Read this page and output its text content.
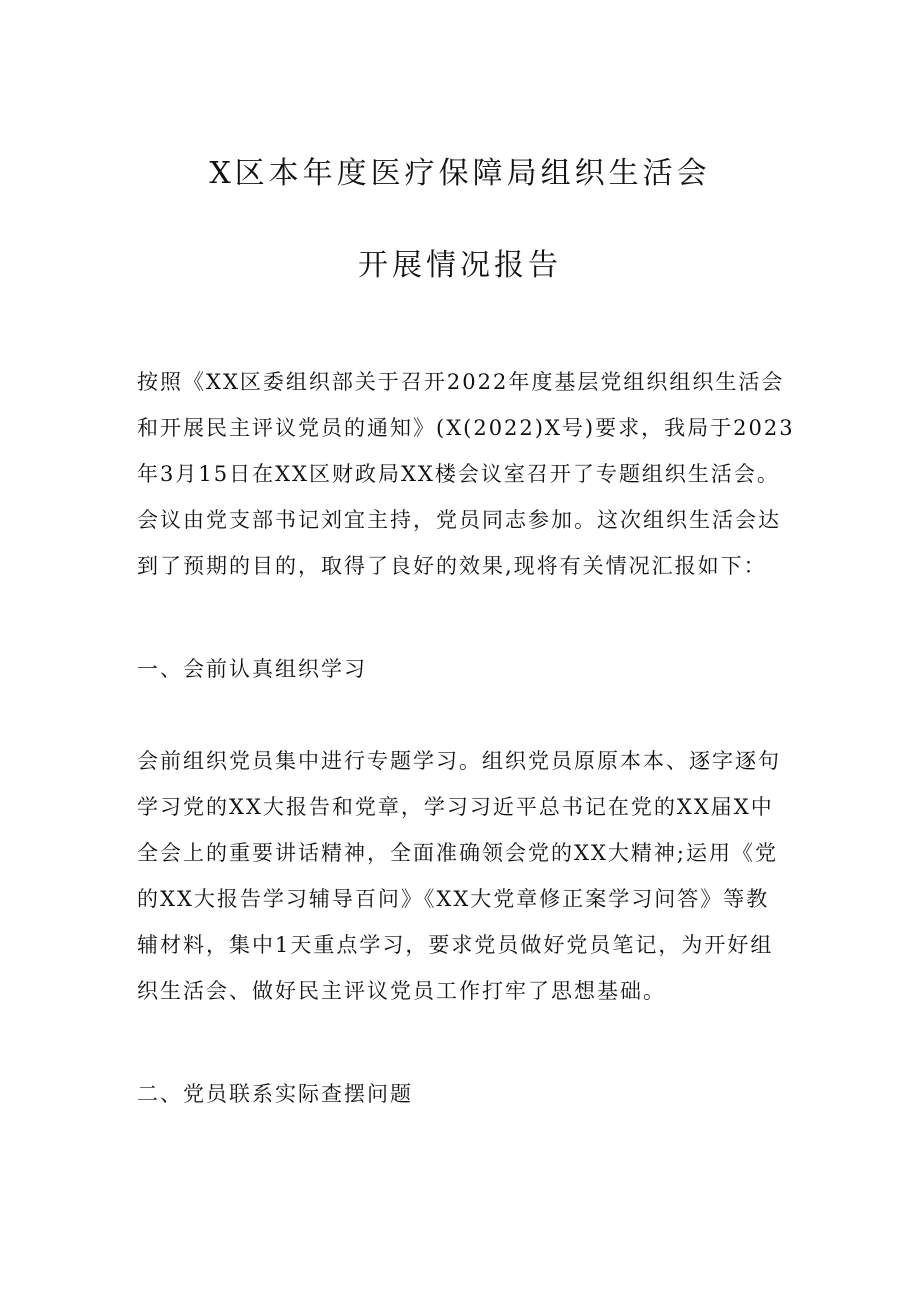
X区本年度医疗保障局组织生活会
开展情况报告
按照《XX区委组织部关于召开2022年度基层党组织组织生活会
和开展民主评议党员的通知》(X(2022)X号)要求，我局于2023
年3月15日在XX区财政局XX楼会议室召开了专题组织生活会。
会议由党支部书记刘宜主持，党员同志参加。这次组织生活会达
到了预期的目的，取得了良好的效果,现将有关情况汇报如下：
一、会前认真组织学习
会前组织党员集中进行专题学习。组织党员原原本本、逐字逐句
学习党的XX大报告和党章，学习习近平总书记在党的XX届X中
全会上的重要讲话精神，全面准确领会党的XX大精神;运用《党
的XX大报告学习辅导百问》《XX大党章修正案学习问答》等教
辅材料，集中1天重点学习，要求党员做好党员笔记，为开好组
织生活会、做好民主评议党员工作打牢了思想基础。
二、党员联系实际查摆问题
